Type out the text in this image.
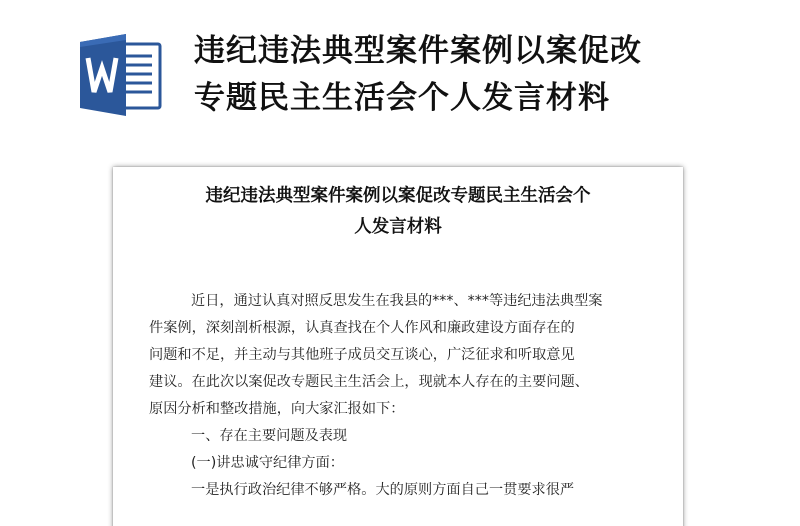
违纪违法典型案件案例以案促改
专题民主生活会个人发言材料
违纪违法典型案件案例以案促改专题民主生活会个
人发言材料
近日，通过认真对照反思发生在我县的***、***等违纪违法典型案
件案例，深刻剖析根源，认真查找在个人作风和廉政建设方面存在的
问题和不足，并主动与其他班子成员交互谈心，广泛征求和听取意见
建议。在此次以案促改专题民主生活会上，现就本人存在的主要问题、
原因分析和整改措施，向大家汇报如下：
一、存在主要问题及表现
(一)讲忠诚守纪律方面：
一是执行政治纪律不够严格。大的原则方面自己一贯要求很严
